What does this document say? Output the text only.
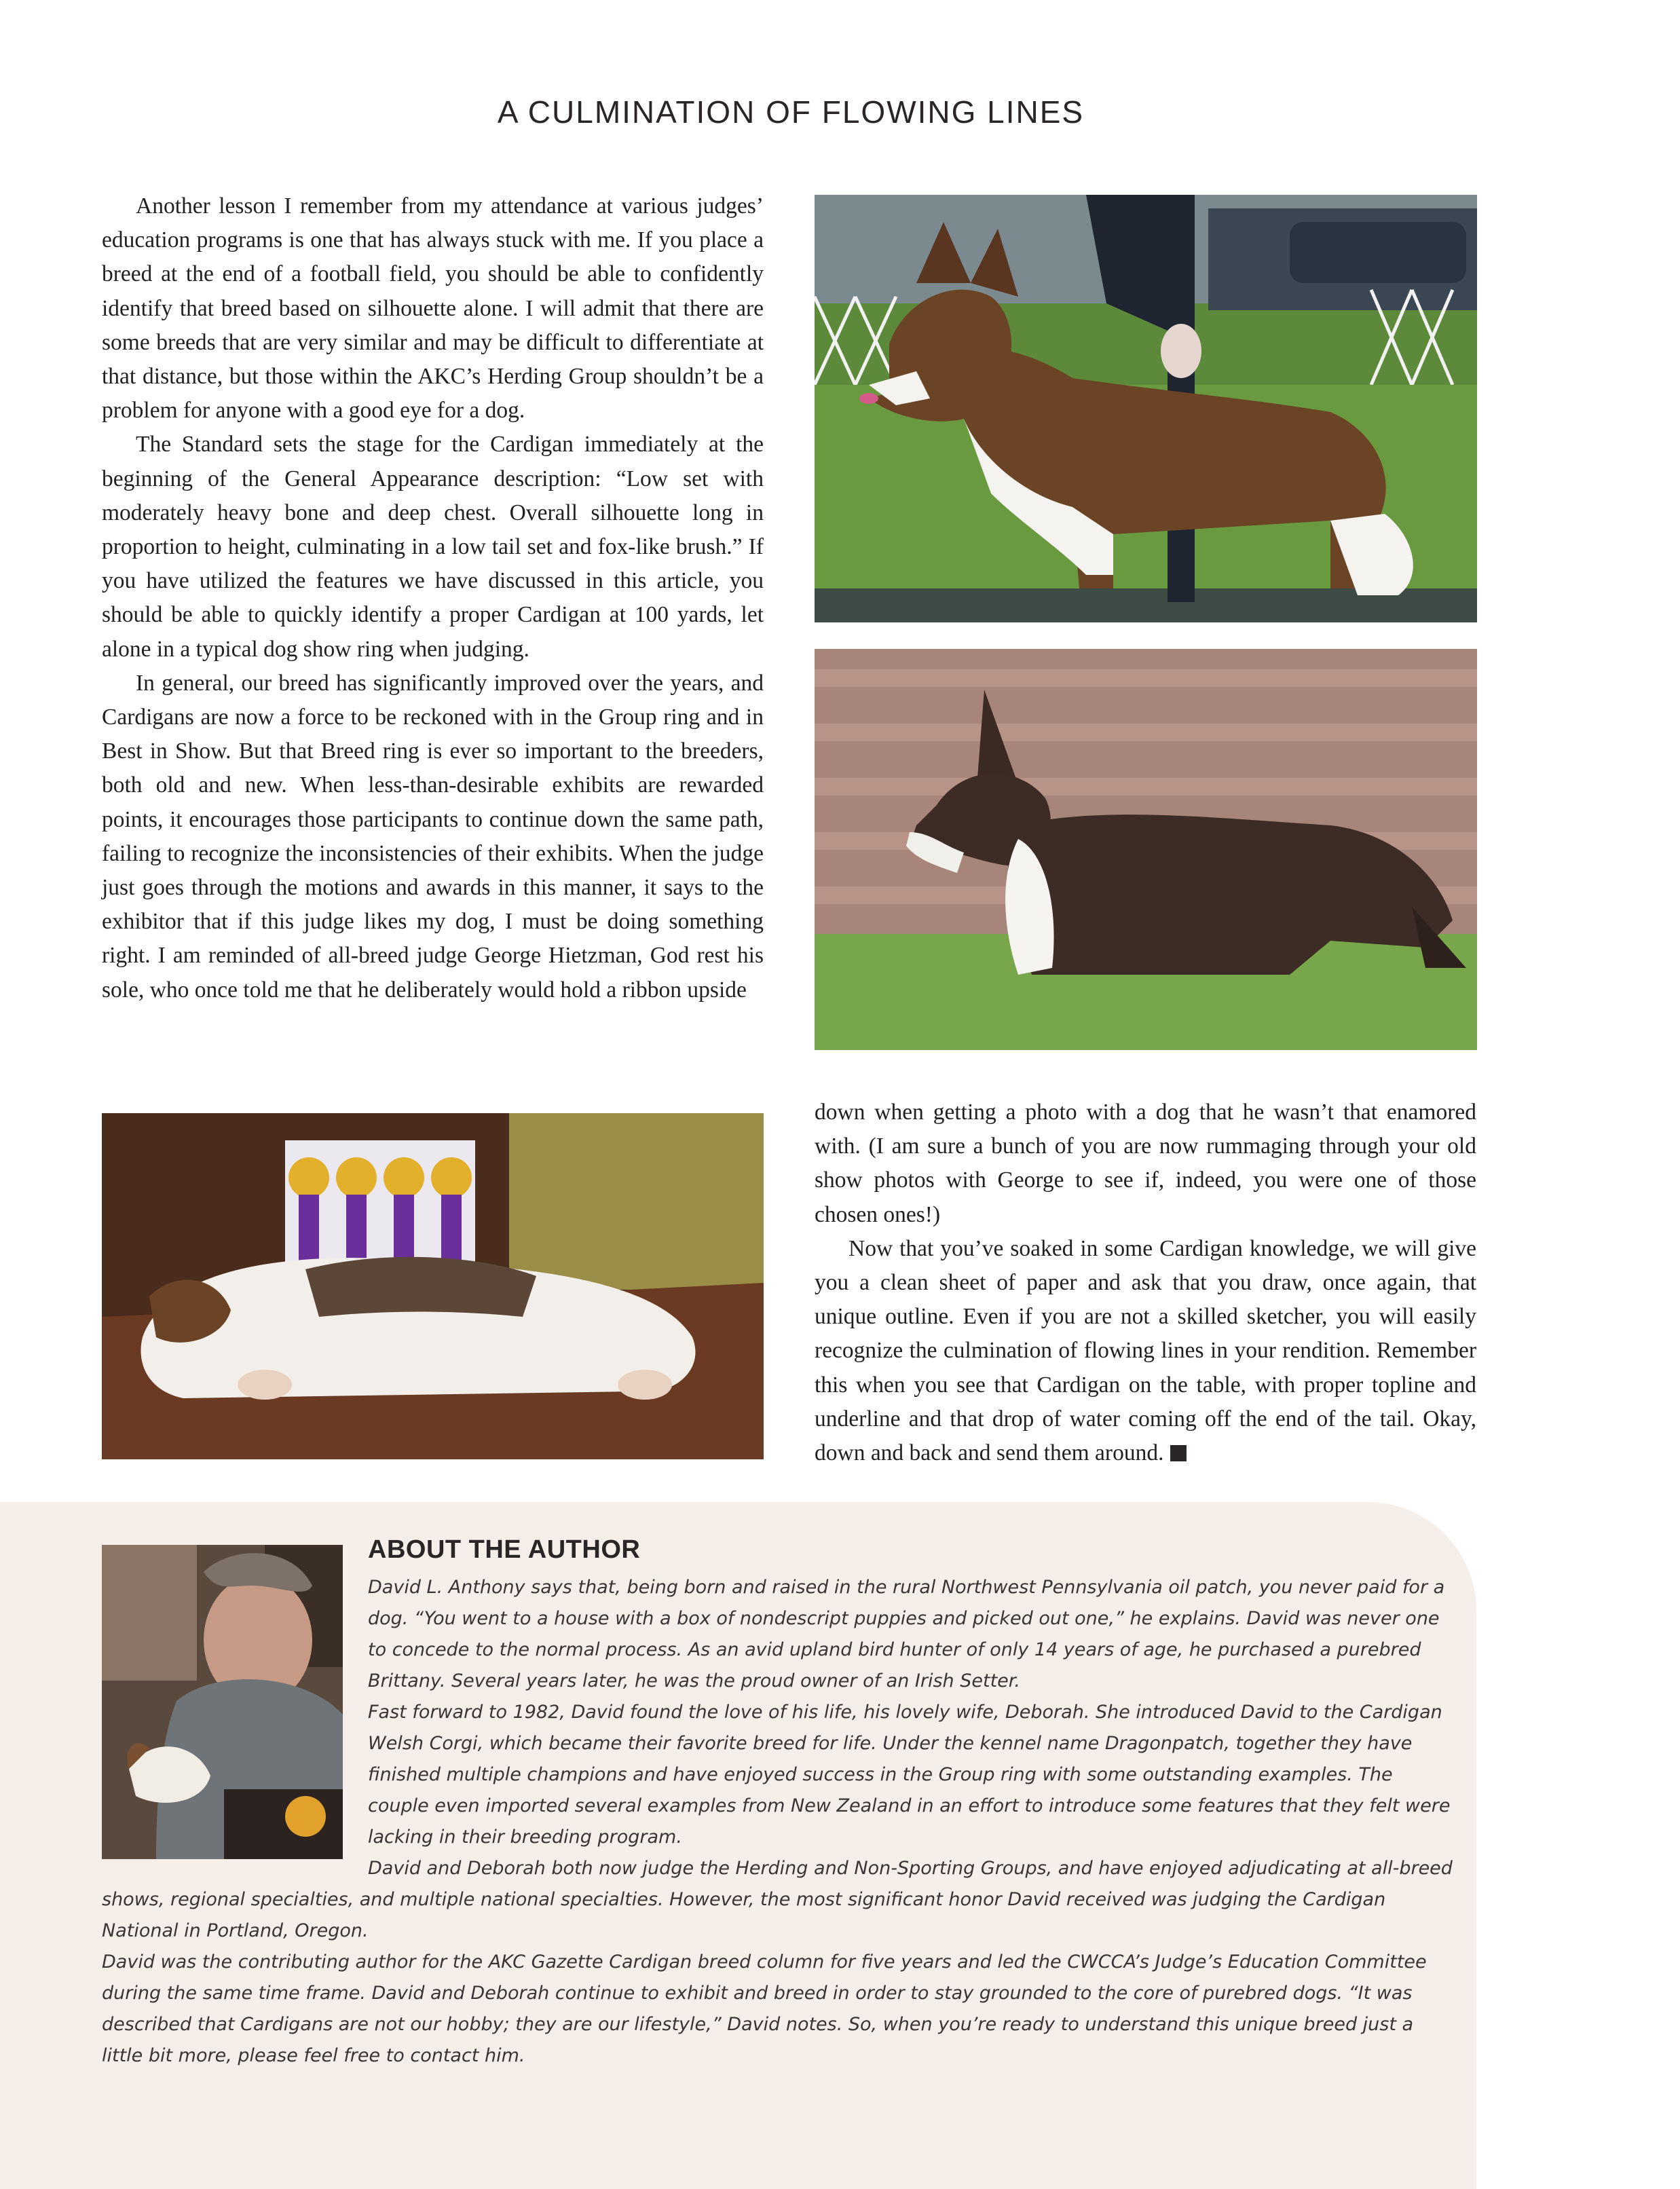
A CULMINATION OF FLOWING LINES

Another lesson I remember from my attendance at various judges’ education programs is one that has always stuck with me. If you place a breed at the end of a football field, you should be able to confidently identify that breed based on silhouette alone. I will admit that there are some breeds that are very similar and may be difficult to differentiate at that distance, but those within the AKC’s Herding Group shouldn’t be a problem for anyone with a good eye for a dog.

The Standard sets the stage for the Cardigan immediately at the beginning of the General Appearance description: “Low set with moderately heavy bone and deep chest. Overall silhouette long in proportion to height, culminating in a low tail set and fox-like brush.” If you have utilized the features we have discussed in this article, you should be able to quickly identify a proper Cardigan at 100 yards, let alone in a typical dog show ring when judging.

In general, our breed has significantly improved over the years, and Cardigans are now a force to be reckoned with in the Group ring and in Best in Show. But that Breed ring is ever so important to the breeders, both old and new. When less-than-desirable exhibits are rewarded points, it encourages those participants to continue down the same path, failing to recognize the inconsistencies of their exhibits. When the judge just goes through the motions and awards in this manner, it says to the exhibitor that if this judge likes my dog, I must be doing something right. I am reminded of all-breed judge George Hietzman, God rest his sole, who once told me that he deliberately would hold a ribbon upside

down when getting a photo with a dog that he wasn’t that enamored with. (I am sure a bunch of you are now rummaging through your old show photos with George to see if, indeed, you were one of those chosen ones!)

Now that you’ve soaked in some Cardigan knowledge, we will give you a clean sheet of paper and ask that you draw, once again, that unique outline. Even if you are not a skilled sketcher, you will easily recognize the culmination of flowing lines in your rendition. Remember this when you see that Cardigan on the table, with proper topline and underline and that drop of water coming off the end of the tail. Okay, down and back and send them around.

ABOUT THE AUTHOR

David L. Anthony says that, being born and raised in the rural Northwest Pennsylvania oil patch, you never paid for a dog. “You went to a house with a box of nondescript puppies and picked out one,” he explains. David was never one to concede to the normal process. As an avid upland bird hunter of only 14 years of age, he purchased a purebred Brittany. Several years later, he was the proud owner of an Irish Setter.

Fast forward to 1982, David found the love of his life, his lovely wife, Deborah. She introduced David to the Cardigan Welsh Corgi, which became their favorite breed for life. Under the kennel name Dragonpatch, together they have finished multiple champions and have enjoyed success in the Group ring with some outstanding examples. The couple even imported several examples from New Zealand in an effort to introduce some features that they felt were lacking in their breeding program.

David and Deborah both now judge the Herding and Non-Sporting Groups, and have enjoyed adjudicating at all-breed shows, regional specialties, and multiple national specialties. However, the most significant honor David received was judging the Cardigan National in Portland, Oregon.

David was the contributing author for the AKC Gazette Cardigan breed column for five years and led the CWCCA’s Judge’s Education Committee during the same time frame. David and Deborah continue to exhibit and breed in order to stay grounded to the core of purebred dogs. “It was described that Cardigans are not our hobby; they are our lifestyle,” David notes. So, when you’re ready to understand this unique breed just a little bit more, please feel free to contact him.
